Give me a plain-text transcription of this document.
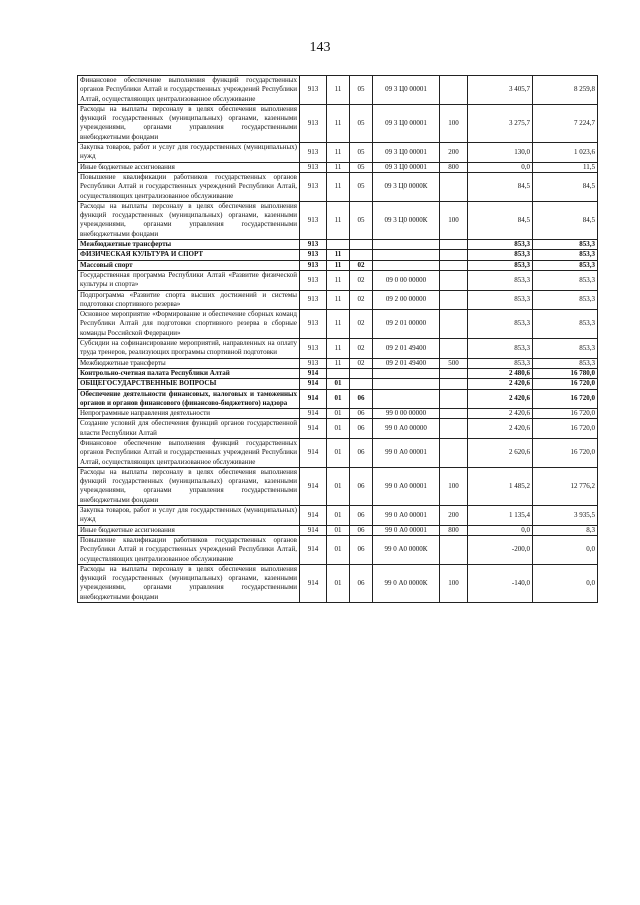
143
Финансовое обеспечение выполнения функций государственных органов Республики Алтай и государственных учреждений Республики Алтай, осуществляющих централизованное обслуживание	913	11	05	09 3 Ц0 00001		3 405,7	8 259,8
Расходы на выплаты персоналу в целях обеспечения выполнения функций государственных (муниципальных) органами, казенными учреждениями, органами управления государственными внебюджетными фондами	913	11	05	09 3 Ц0 00001	100	3 275,7	7 224,7
Закупка товаров, работ и услуг для государственных (муниципальных) нужд	913	11	05	09 3 Ц0 00001	200	130,0	1 023,6
Иные бюджетные ассигнования	913	11	05	09 3 Ц0 00001	800	0,0	11,5
Повышение квалификации работников государственных органов Республики Алтай и государственных учреждений Республики Алтай, осуществляющих централизованное обслуживание	913	11	05	09 3 Ц0 0000К		84,5	84,5
Расходы на выплаты персоналу в целях обеспечения выполнения функций государственных (муниципальных) органами, казенными учреждениями, органами управления государственными внебюджетными фондами	913	11	05	09 3 Ц0 0000К	100	84,5	84,5
Межбюджетные трансферты	913					853,3	853,3
ФИЗИЧЕСКАЯ КУЛЬТУРА И СПОРТ	913	11				853,3	853,3
Массовый спорт	913	11	02			853,3	853,3
Государственная программа Республики Алтай «Развитие физической культуры и спорта»	913	11	02	09 0 00 00000		853,3	853,3
Подпрограмма «Развитие спорта высших достижений и системы подготовки спортивного резерва»	913	11	02	09 2 00 00000		853,3	853,3
Основное мероприятие «Формирование и обеспечение сборных команд Республики Алтай для подготовки спортивного резерва в сборные команды Российской Федерации»	913	11	02	09 2 01 00000		853,3	853,3
Субсидии на софинансирование мероприятий, направленных на оплату труда тренеров, реализующих программы спортивной подготовки	913	11	02	09 2 01 49400		853,3	853,3
Межбюджетные трансферты	913	11	02	09 2 01 49400	500	853,3	853,3
Контрольно-счетная палата Республики Алтай	914					2 480,6	16 780,0
ОБЩЕГОСУДАРСТВЕННЫЕ ВОПРОСЫ	914	01				2 420,6	16 720,0
Обеспечение деятельности финансовых, налоговых и таможенных органов и органов финансового (финансово-бюджетного) надзора	914	01	06			2 420,6	16 720,0
Непрограммные направления деятельности	914	01	06	99 0 00 00000		2 420,6	16 720,0
Создание условий для обеспечения функций органов государственной власти Республики Алтай	914	01	06	99 0 А0 00000		2 420,6	16 720,0
Финансовое обеспечение выполнения функций государственных органов Республики Алтай и государственных учреждений Республики Алтай, осуществляющих централизованное обслуживание	914	01	06	99 0 А0 00001		2 620,6	16 720,0
Расходы на выплаты персоналу в целях обеспечения выполнения функций государственных (муниципальных) органами, казенными учреждениями, органами управления государственными внебюджетными фондами	914	01	06	99 0 А0 00001	100	1 485,2	12 776,2
Закупка товаров, работ и услуг для государственных (муниципальных) нужд	914	01	06	99 0 А0 00001	200	1 135,4	3 935,5
Иные бюджетные ассигнования	914	01	06	99 0 А0 00001	800	0,0	8,3
Повышение квалификации работников государственных органов Республики Алтай и государственных учреждений Республики Алтай, осуществляющих централизованное обслуживание	914	01	06	99 0 А0 0000К		-200,0	0,0
Расходы на выплаты персоналу в целях обеспечения выполнения функций государственных (муниципальных) органами, казенными учреждениями, органами управления государственными внебюджетными фондами	914	01	06	99 0 А0 0000К	100	-140,0	0,0
